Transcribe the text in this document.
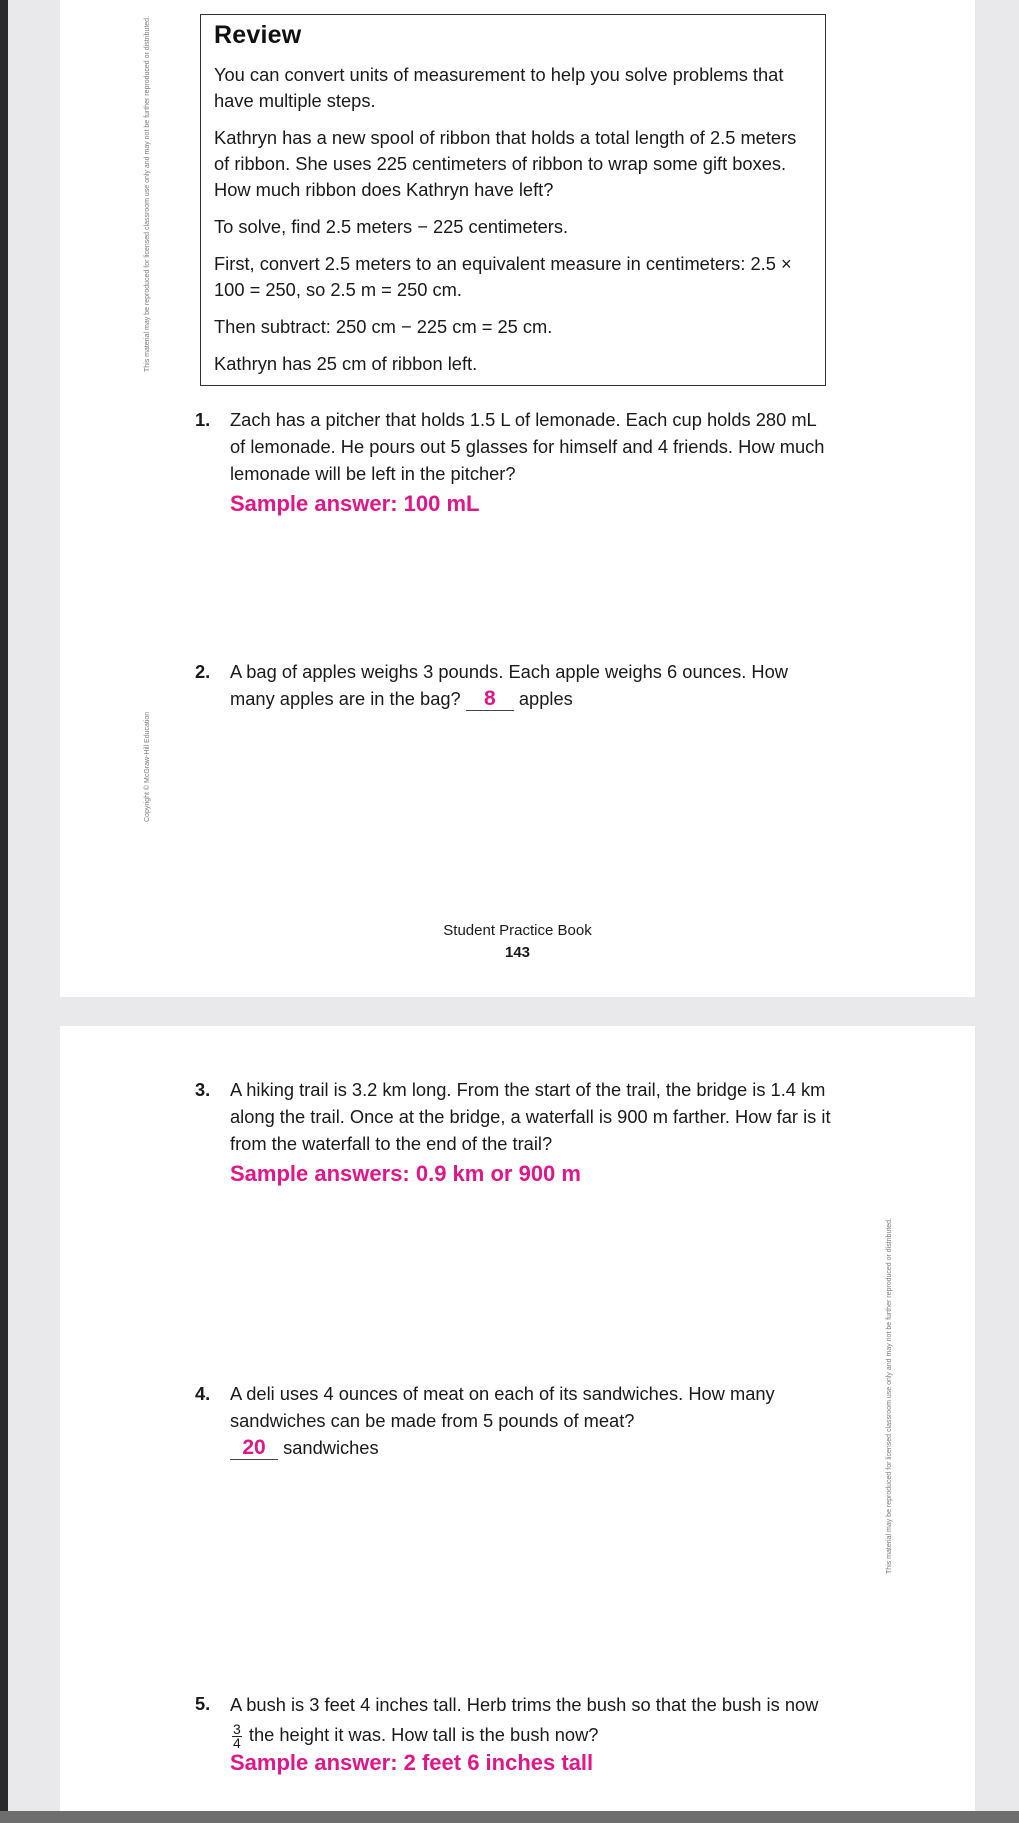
This material may be reproduced for licensed classroom use only and may not be further reproduced or distributed.
Copyright © McGraw-Hill Education
Review

You can convert units of measurement to help you solve problems that have multiple steps.

Kathryn has a new spool of ribbon that holds a total length of 2.5 meters of ribbon. She uses 225 centimeters of ribbon to wrap some gift boxes. How much ribbon does Kathryn have left?

To solve, find 2.5 meters − 225 centimeters.

First, convert 2.5 meters to an equivalent measure in centimeters: 2.5 × 100 = 250, so 2.5 m = 250 cm.

Then subtract: 250 cm − 225 cm = 25 cm.

Kathryn has 25 cm of ribbon left.

1. Zach has a pitcher that holds 1.5 L of lemonade. Each cup holds 280 mL of lemonade. He pours out 5 glasses for himself and 4 friends. How much lemonade will be left in the pitcher?
Sample answer: 100 mL
2. A bag of apples weighs 3 pounds. Each apple weighs 6 ounces. How many apples are in the bag? 8 apples
Student Practice Book
143
This material may be reproduced for licensed classroom use only and may not be further reproduced or distributed.
3. A hiking trail is 3.2 km long. From the start of the trail, the bridge is 1.4 km along the trail. Once at the bridge, a waterfall is 900 m farther. How far is it from the waterfall to the end of the trail?
Sample answers: 0.9 km or 900 m
4. A deli uses 4 ounces of meat on each of its sandwiches. How many sandwiches can be made from 5 pounds of meat?
20 sandwiches
5. A bush is 3 feet 4 inches tall. Herb trims the bush so that the bush is now
$\frac{3}{4}$ the height it was. How tall is the bush now?
Sample answer: 2 feet 6 inches tall
